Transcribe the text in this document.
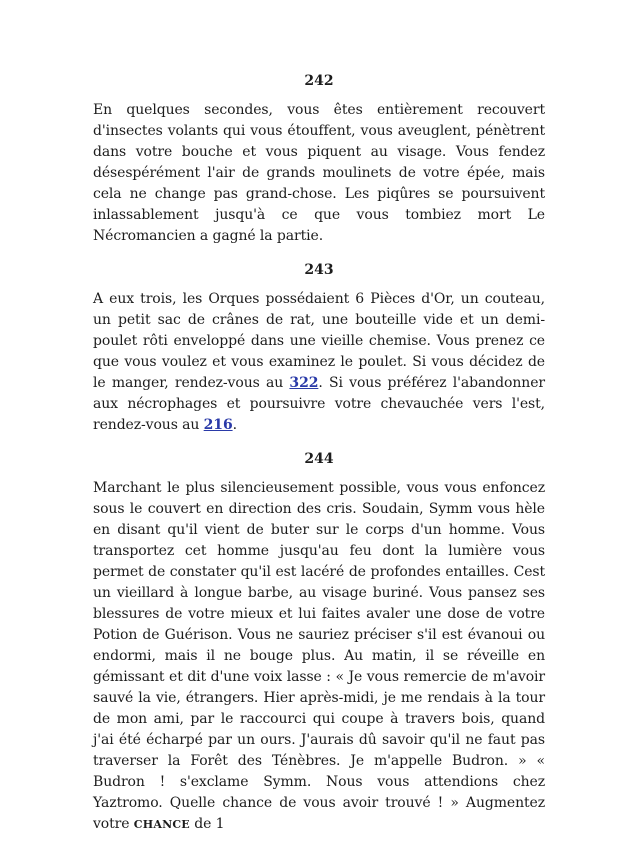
242

En quelques secondes, vous êtes entièrement recouvert d'insectes volants qui vous étouffent, vous aveuglent, pénètrent dans votre bouche et vous piquent au visage. Vous fendez désespérément l'air de grands moulinets de votre épée, mais cela ne change pas grand-chose. Les piqûres se poursuivent inlassablement jusqu'à ce que vous tombiez mort Le Nécromancien a gagné la partie.

243

A eux trois, les Orques possédaient 6 Pièces d'Or, un couteau, un petit sac de crânes de rat, une bouteille vide et un demi-poulet rôti enveloppé dans une vieille chemise. Vous prenez ce que vous voulez et vous examinez le poulet. Si vous décidez de le manger, rendez-vous au 322. Si vous préférez l'abandonner aux nécrophages et poursuivre votre chevauchée vers l'est, rendez-vous au 216.

244

Marchant le plus silencieusement possible, vous vous enfoncez sous le couvert en direction des cris. Soudain, Symm vous hèle en disant qu'il vient de buter sur le corps d'un homme. Vous transportez cet homme jusqu'au feu dont la lumière vous permet de constater qu'il est lacéré de profondes entailles. Cest un vieillard à longue barbe, au visage buriné. Vous pansez ses blessures de votre mieux et lui faites avaler une dose de votre Potion de Guérison. Vous ne sauriez préciser s'il est évanoui ou endormi, mais il ne bouge plus. Au matin, il se réveille en gémissant et dit d'une voix lasse : « Je vous remercie de m'avoir sauvé la vie, étrangers. Hier après-midi, je me rendais à la tour de mon ami, par le raccourci qui coupe à travers bois, quand j'ai été écharpé par un ours. J'aurais dû savoir qu'il ne faut pas traverser la Forêt des Ténèbres. Je m'appelle Budron. » « Budron ! s'exclame Symm. Nous vous attendions chez Yaztromo. Quelle chance de vous avoir trouvé ! » Augmentez votre CHANCE de 1
